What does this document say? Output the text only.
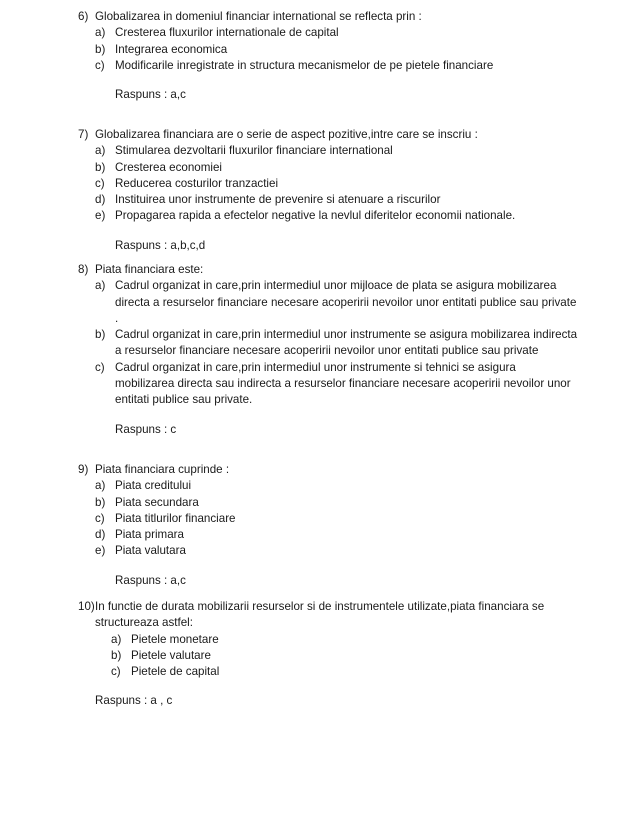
6) Globalizarea in domeniul financiar international se reflecta prin :
a) Cresterea fluxurilor internationale de capital
b) Integrarea economica
c) Modificarile inregistrate in structura mecanismelor de pe pietele financiare
Raspuns : a,c
7) Globalizarea financiara are o serie de aspect pozitive,intre care se inscriu :
a) Stimularea dezvoltarii fluxurilor financiare international
b) Cresterea economiei
c) Reducerea costurilor tranzactiei
d) Instituirea unor instrumente de prevenire si atenuare a riscurilor
e) Propagarea rapida a efectelor negative la nevlul diferitelor economii nationale.
Raspuns : a,b,c,d
8) Piata financiara este:
a) Cadrul organizat in care,prin intermediul unor mijloace de plata se asigura mobilizarea directa a resurselor financiare necesare acoperirii nevoilor unor entitati publice sau private .
b) Cadrul organizat in care,prin intermediul unor instrumente se asigura mobilizarea indirecta a resurselor financiare necesare acoperirii nevoilor unor entitati publice sau private
c) Cadrul organizat in care,prin intermediul unor instrumente si tehnici se asigura mobilizarea directa sau indirecta a resurselor financiare necesare acoperirii nevoilor unor entitati publice sau private.
Raspuns : c
9) Piata financiara cuprinde :
a) Piata creditului
b) Piata secundara
c) Piata titlurilor financiare
d) Piata primara
e) Piata valutara
Raspuns : a,c
10) In functie de durata mobilizarii resurselor si de instrumentele utilizate,piata financiara se
structureaza astfel:
a) Pietele monetare
b) Pietele valutare
c) Pietele de capital
Raspuns : a , c
